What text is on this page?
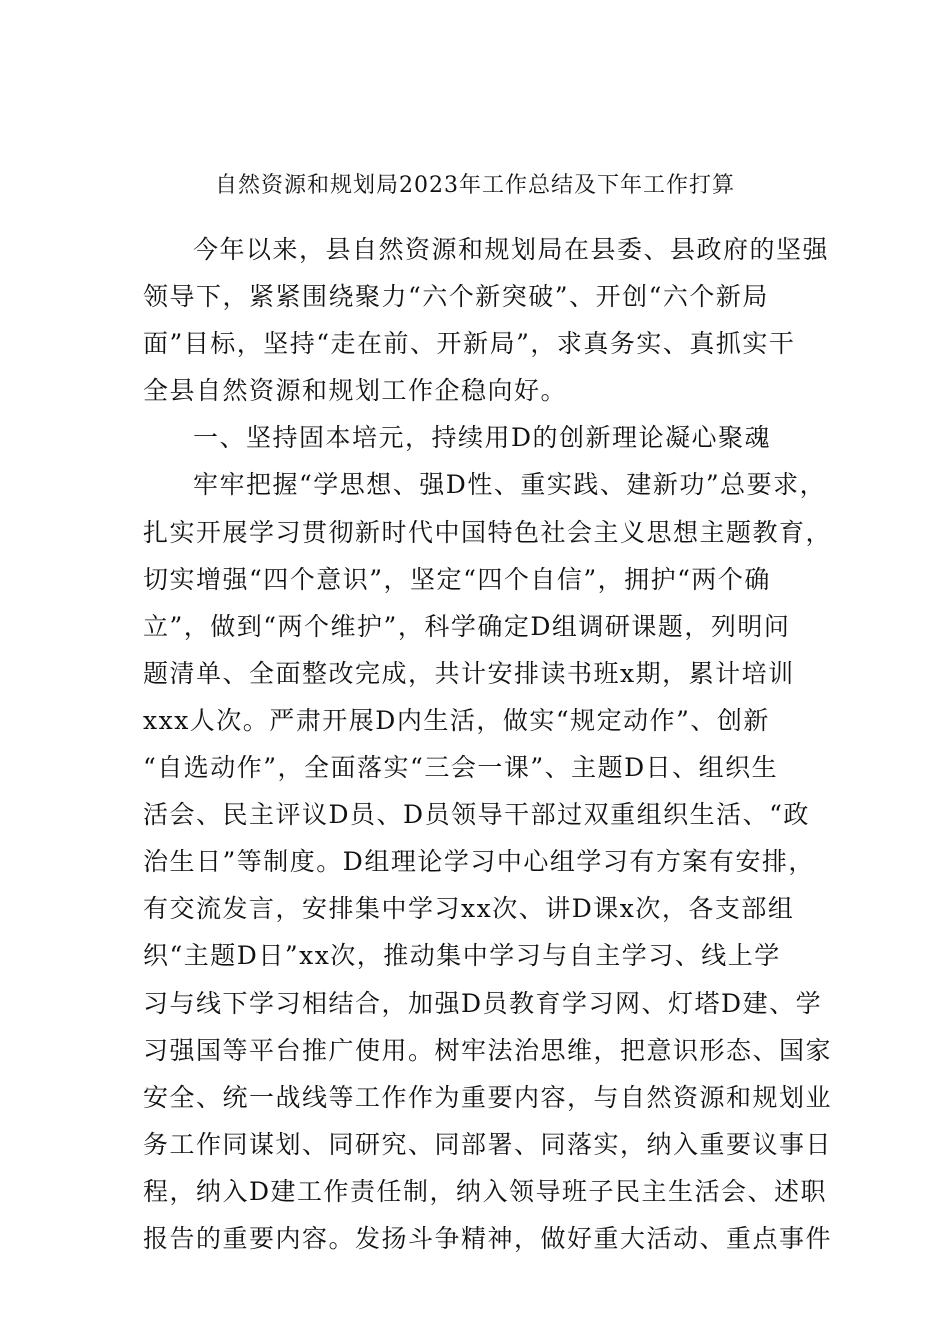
自然资源和规划局2023年工作总结及下年工作打算
今年以来，县自然资源和规划局在县委、县政府的坚强
领导下，紧紧围绕聚力“六个新突破”、开创“六个新局
面”目标，坚持“走在前、开新局”，求真务实、真抓实干
全县自然资源和规划工作企稳向好。
一、坚持固本培元，持续用D的创新理论凝心聚魂
牢牢把握“学思想、强D性、重实践、建新功”总要求，
扎实开展学习贯彻新时代中国特色社会主义思想主题教育，
切实增强“四个意识”，坚定“四个自信”，拥护“两个确
立”，做到“两个维护”，科学确定D组调研课题，列明问
题清单、全面整改完成，共计安排读书班x期，累计培训
xxx人次。严肃开展D内生活，做实“规定动作”、创新
“自选动作”，全面落实“三会一课”、主题D日、组织生
活会、民主评议D员、D员领导干部过双重组织生活、“政
治生日”等制度。D组理论学习中心组学习有方案有安排，
有交流发言，安排集中学习xx次、讲D课x次，各支部组
织“主题D日”xx次，推动集中学习与自主学习、线上学
习与线下学习相结合，加强D员教育学习网、灯塔D建、学
习强国等平台推广使用。树牢法治思维，把意识形态、国家
安全、统一战线等工作作为重要内容，与自然资源和规划业
务工作同谋划、同研究、同部署、同落实，纳入重要议事日
程，纳入D建工作责任制，纳入领导班子民主生活会、述职
报告的重要内容。发扬斗争精神，做好重大活动、重点事件
